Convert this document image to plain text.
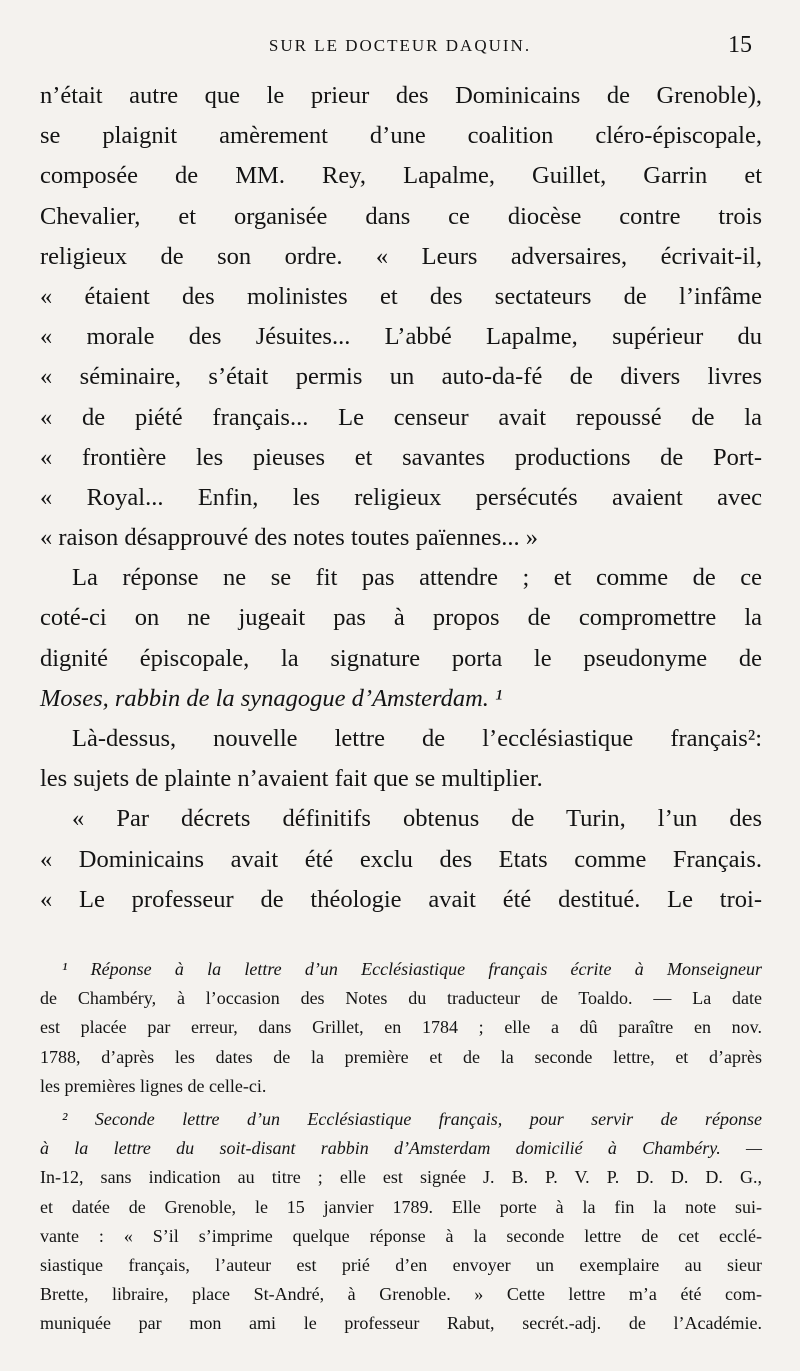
SUR LE DOCTEUR DAQUIN.	15
n’était autre que le prieur des Dominicains de Grenoble),
se plaignit amèrement d’une coalition cléro-épiscopale,
composée de MM. Rey, Lapalme, Guillet, Garrin et
Chevalier, et organisée dans ce diocèse contre trois
religieux de son ordre. « Leurs adversaires, écrivait-il,
« étaient des molinistes et des sectateurs de l’infâme
« morale des Jésuites... L’abbé Lapalme, supérieur du
« séminaire, s’était permis un auto-da-fé de divers livres
« de piété français... Le censeur avait repoussé de la
« frontière les pieuses et savantes productions de Port-
« Royal... Enfin, les religieux persécutés avaient avec
« raison désapprouvé des notes toutes païennes... »
La réponse ne se fit pas attendre ; et comme de ce
coté-ci on ne jugeait pas à propos de compromettre la
dignité épiscopale, la signature porta le pseudonyme de
Moses, rabbin de la synagogue d’Amsterdam. ¹
Là-dessus, nouvelle lettre de l’ecclésiastique français²:
les sujets de plainte n’avaient fait que se multiplier.
« Par décrets définitifs obtenus de Turin, l’un des
« Dominicains avait été exclu des Etats comme Français.
« Le professeur de théologie avait été destitué. Le troi-
¹ Réponse à la lettre d’un Ecclésiastique français écrite à Monseigneur
de Chambéry, à l’occasion des Notes du traducteur de Toaldo. — La date
est placée par erreur, dans Grillet, en 1784 ; elle a dû paraître en nov.
1788, d’après les dates de la première et de la seconde lettre, et d’après
les premières lignes de celle-ci.
² Seconde lettre d’un Ecclésiastique français, pour servir de réponse
à la lettre du soit-disant rabbin d’Amsterdam domicilié à Chambéry. —
In-12, sans indication au titre ; elle est signée J. B. P. V. P. D. D. D. G.,
et datée de Grenoble, le 15 janvier 1789. Elle porte à la fin la note sui-
vante : « S’il s’imprime quelque réponse à la seconde lettre de cet ecclé-
siastique français, l’auteur est prié d’en envoyer un exemplaire au sieur
Brette, libraire, place St-André, à Grenoble. » Cette lettre m’a été com-
muniquée par mon ami le professeur Rabut, secrét.-adj. de l’Académie.
